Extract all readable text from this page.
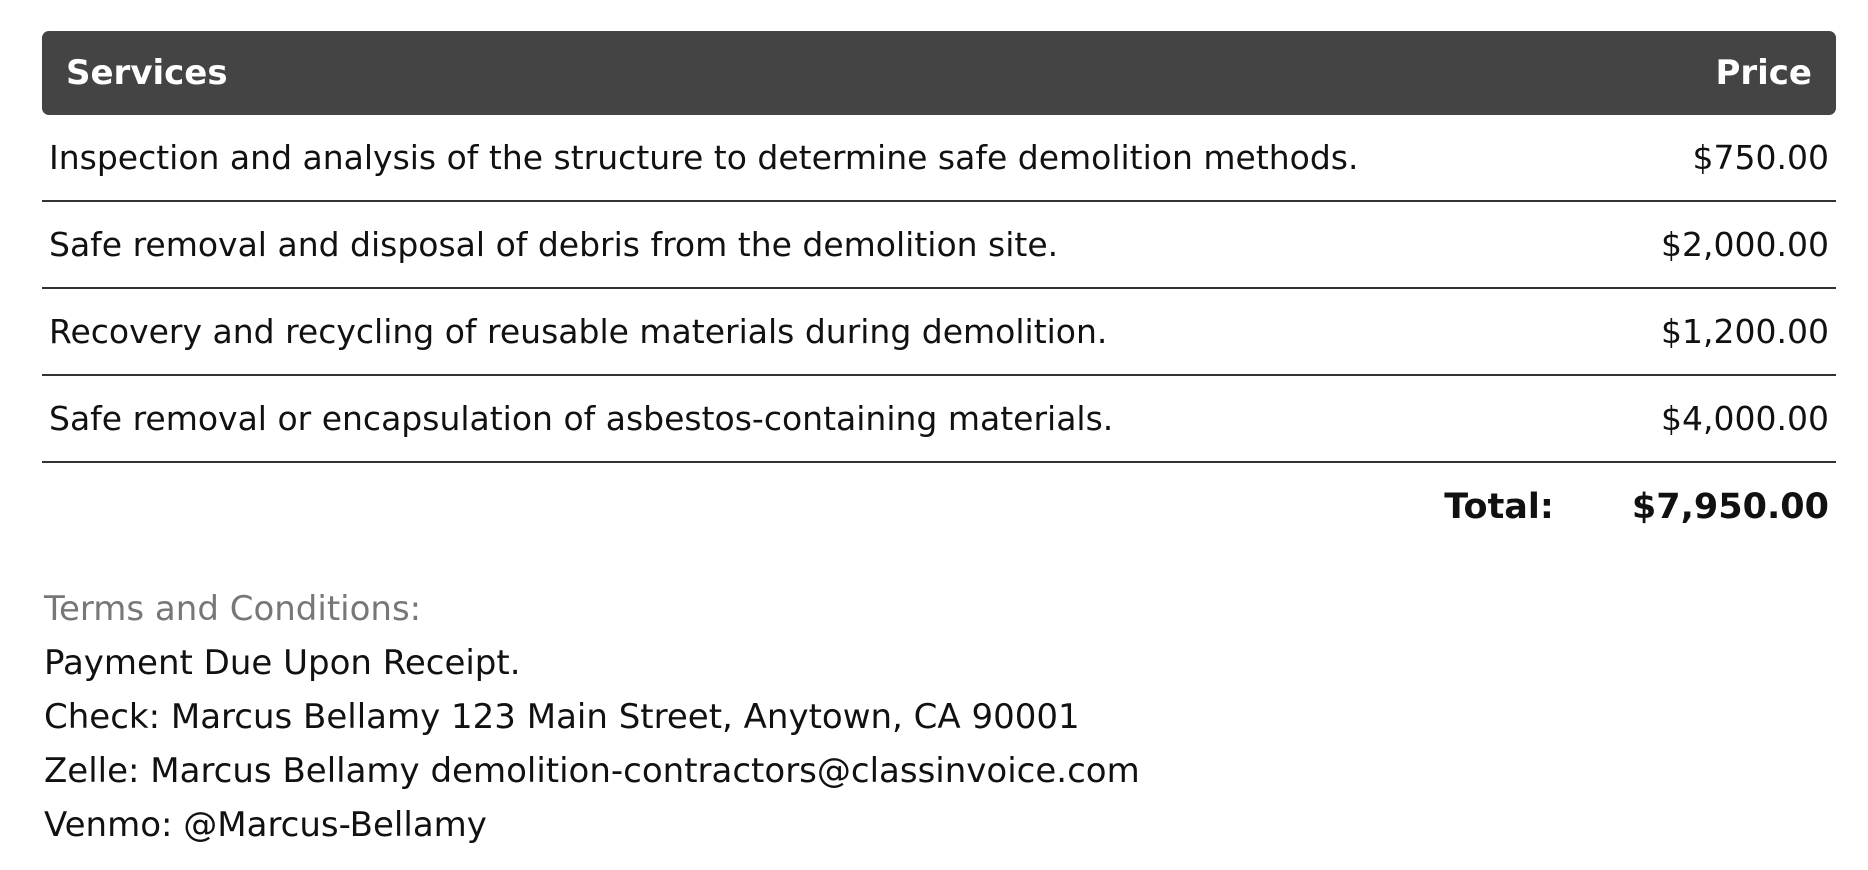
Services	Price
Inspection and analysis of the structure to determine safe demolition methods.	$750.00
Safe removal and disposal of debris from the demolition site.	$2,000.00
Recovery and recycling of reusable materials during demolition.	$1,200.00
Safe removal or encapsulation of asbestos-containing materials.	$4,000.00
Total: $7,950.00
Terms and Conditions:
Payment Due Upon Receipt.
Check: Marcus Bellamy 123 Main Street, Anytown, CA 90001
Zelle: Marcus Bellamy demolition-contractors@classinvoice.com
Venmo: @Marcus-Bellamy
